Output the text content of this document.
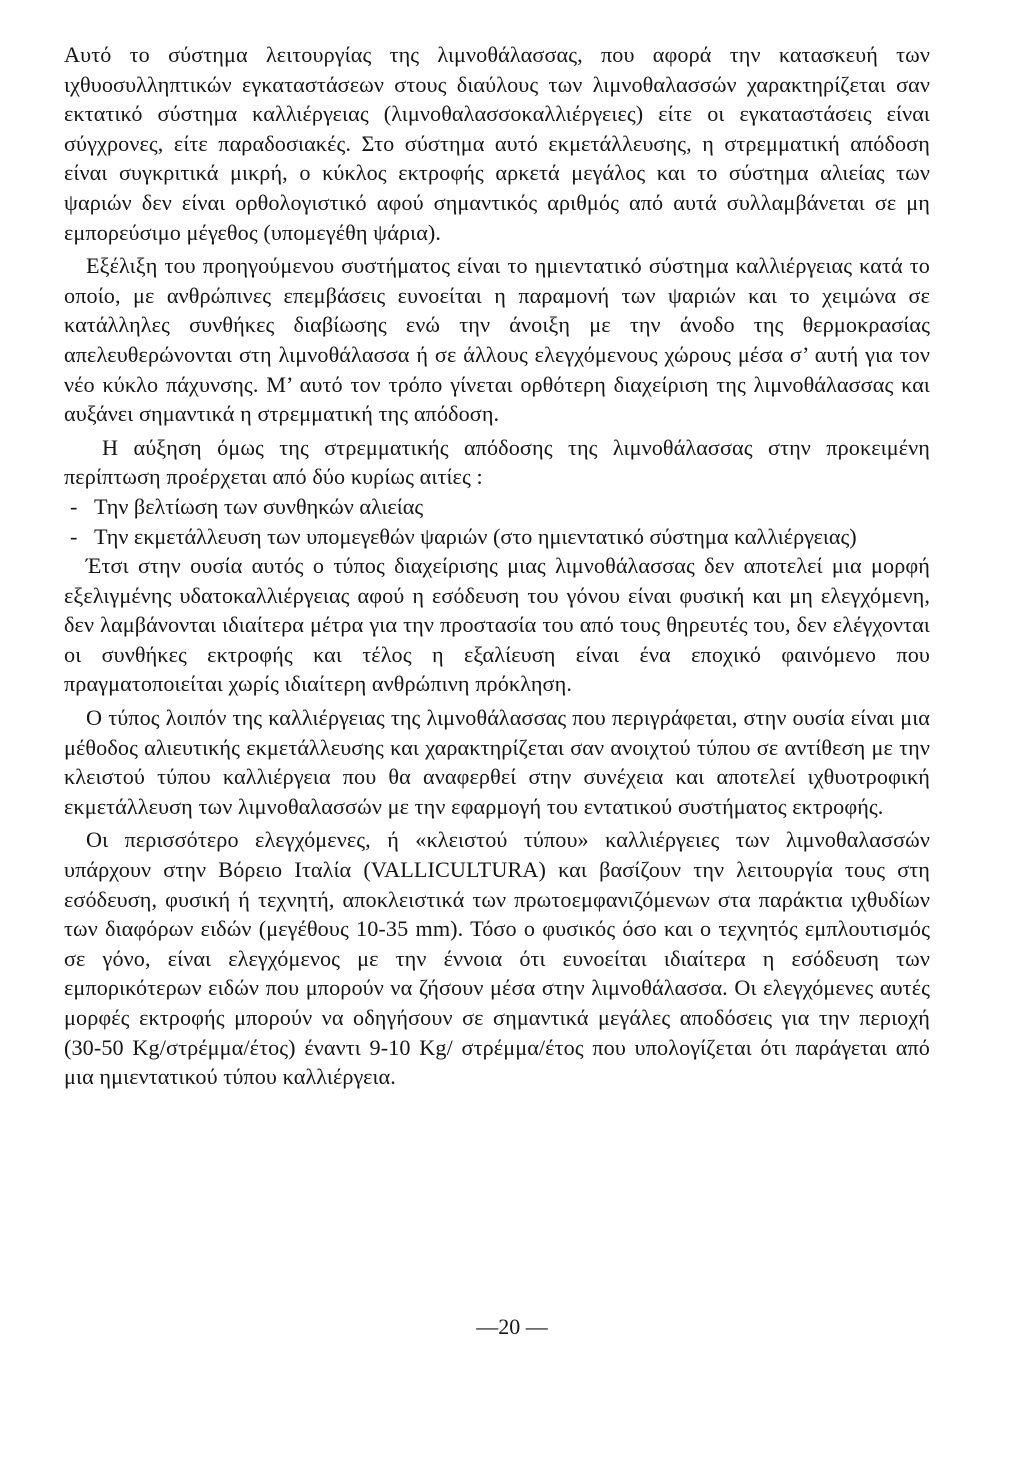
Αυτό το σύστημα λειτουργίας της λιμνοθάλασσας, που αφορά την κατασκευή των ιχθυοσυλληπτικών εγκαταστάσεων στους διαύλους των λιμνοθαλασσών χαρακτηρίζεται σαν εκτατικό σύστημα καλλιέργειας (λιμνοθαλασσοκαλλιέργειες) είτε οι εγκαταστάσεις είναι σύγχρονες, είτε παραδοσιακές. Στο σύστημα αυτό εκμετάλλευσης, η στρεμματική απόδοση είναι συγκριτικά μικρή, ο κύκλος εκτροφής αρκετά μεγάλος και το σύστημα αλιείας των ψαριών δεν είναι ορθολογιστικό αφού σημαντικός αριθμός από αυτά συλλαμβάνεται σε μη εμπορεύσιμο μέγεθος (υπομεγέθη ψάρια).

Εξέλιξη του προηγούμενου συστήματος είναι το ημιεντατικό σύστημα καλλιέργειας κατά το οποίο, με ανθρώπινες επεμβάσεις ευνοείται η παραμονή των ψαριών και το χειμώνα σε κατάλληλες συνθήκες διαβίωσης ενώ την άνοιξη με την άνοδο της θερμοκρασίας απελευθερώνονται στη λιμνοθάλασσα ή σε άλλους ελεγχόμενους χώρους μέσα σ’ αυτή για τον νέο κύκλο πάχυνσης. Μ’ αυτό τον τρόπο γίνεται ορθότερη διαχείριση της λιμνοθάλασσας και αυξάνει σημαντικά η στρεμματική της απόδοση.

Η αύξηση όμως της στρεμματικής απόδοσης της λιμνοθάλασσας στην προκειμένη περίπτωση προέρχεται από δύο κυρίως αιτίες :

- Την βελτίωση των συνθηκών αλιείας

- Την εκμετάλλευση των υπομεγεθών ψαριών (στο ημιεντατικό σύστημα καλλιέργειας)

Έτσι στην ουσία αυτός ο τύπος διαχείρισης μιας λιμνοθάλασσας δεν αποτελεί μια μορφή εξελιγμένης υδατοκαλλιέργειας αφού η εσόδευση του γόνου είναι φυσική και μη ελεγχόμενη, δεν λαμβάνονται ιδιαίτερα μέτρα για την προστασία του από τους θηρευτές του, δεν ελέγχονται οι συνθήκες εκτροφής και τέλος η εξαλίευση είναι ένα εποχικό φαινόμενο που πραγματοποιείται χωρίς ιδιαίτερη ανθρώπινη πρόκληση.

Ο τύπος λοιπόν της καλλιέργειας της λιμνοθάλασσας που περιγράφεται, στην ουσία είναι μια μέθοδος αλιευτικής εκμετάλλευσης και χαρακτηρίζεται σαν ανοιχτού τύπου σε αντίθεση με την κλειστού τύπου καλλιέργεια που θα αναφερθεί στην συνέχεια και αποτελεί ιχθυοτροφική εκμετάλλευση των λιμνοθαλασσών με την εφαρμογή του εντατικού συστήματος εκτροφής.

Οι περισσότερο ελεγχόμενες, ή «κλειστού τύπου» καλλιέργειες των λιμνοθαλασσών υπάρχουν στην Βόρειο Ιταλία (VALLICULTURA) και βασίζουν την λειτουργία τους στη εσόδευση, φυσική ή τεχνητή, αποκλειστικά των πρωτοεμφανιζόμενων στα παράκτια ιχθυδίων των διαφόρων ειδών (μεγέθους 10-35 mm). Τόσο ο φυσικός όσο και ο τεχνητός εμπλουτισμός σε γόνο, είναι ελεγχόμενος με την έννοια ότι ευνοείται ιδιαίτερα η εσόδευση των εμπορικότερων ειδών που μπορούν να ζήσουν μέσα στην λιμνοθάλασσα. Οι ελεγχόμενες αυτές μορφές εκτροφής μπορούν να οδηγήσουν σε σημαντικά μεγάλες αποδόσεις για την περιοχή (30-50 Kg/στρέμμα/έτος) έναντι 9-10 Kg/ στρέμμα/έτος που υπολογίζεται ότι παράγεται από μια ημιεντατικού τύπου καλλιέργεια.

—20 —
